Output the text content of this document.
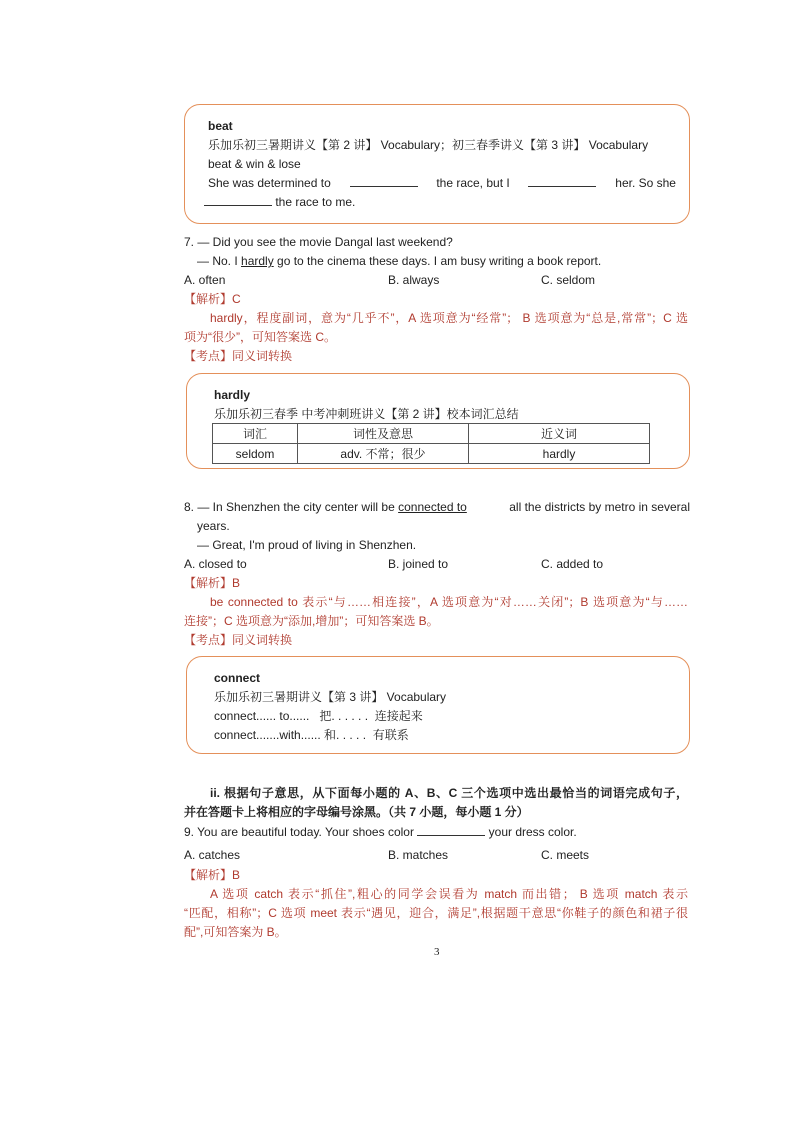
beat
乐加乐初三暑期讲义【第 2 讲】 Vocabulary；初三春季讲义【第 3 讲】 Vocabulary
beat & win & lose
She was determined to	the race, but I	her. So she
the race to me.
7. — Did you see the movie Dangal last weekend?
— No. I hardly go to the cinema these days. I am busy writing a book report.
A. often	B. always	C. seldom
【解析】C
hardly，程度副词，意为“几乎不”，A 选项意为“经常”； B 选项意为“总是,常常”；C 选
项为“很少”，可知答案选 C。
【考点】同义词转换
hardly
乐加乐初三春季 中考冲刺班讲义【第 2 讲】校本词汇总结
词汇	词性及意思	近义词
seldom	adv. 不常；很少	hardly
8. — In Shenzhen the city center will be connected to	all the districts by metro in several
years.
— Great, I'm proud of living in Shenzhen.
A. closed to	B. joined to	C. added to
【解析】B
be connected to 表示“与……相连接”，A 选项意为“对……关闭”；B 选项意为“与……
连接”；C 选项意为“添加,增加”；可知答案选 B。
【考点】同义词转换
connect
乐加乐初三暑期讲义【第 3 讲】 Vocabulary
connect...... to......   把. . . . . .  连接起来
connect.......with...... 和. . . . .  有联系
ii. 根据句子意思，从下面每小题的 A、B、C 三个选项中选出最恰当的词语完成句子，
并在答题卡上将相应的字母编号涂黑。（共 7 小题，每小题 1 分）
9. You are beautiful today. Your shoes color	your dress color.
A. catches	B. matches	C. meets
【解析】B
A 选项 catch 表示“抓住”,粗心的同学会误看为 match 而出错； B 选项 match 表示
“匹配，相称”；C 选项 meet 表示“遇见，迎合，满足”,根据题干意思“你鞋子的颜色和裙子很
配”,可知答案为 B。
3
